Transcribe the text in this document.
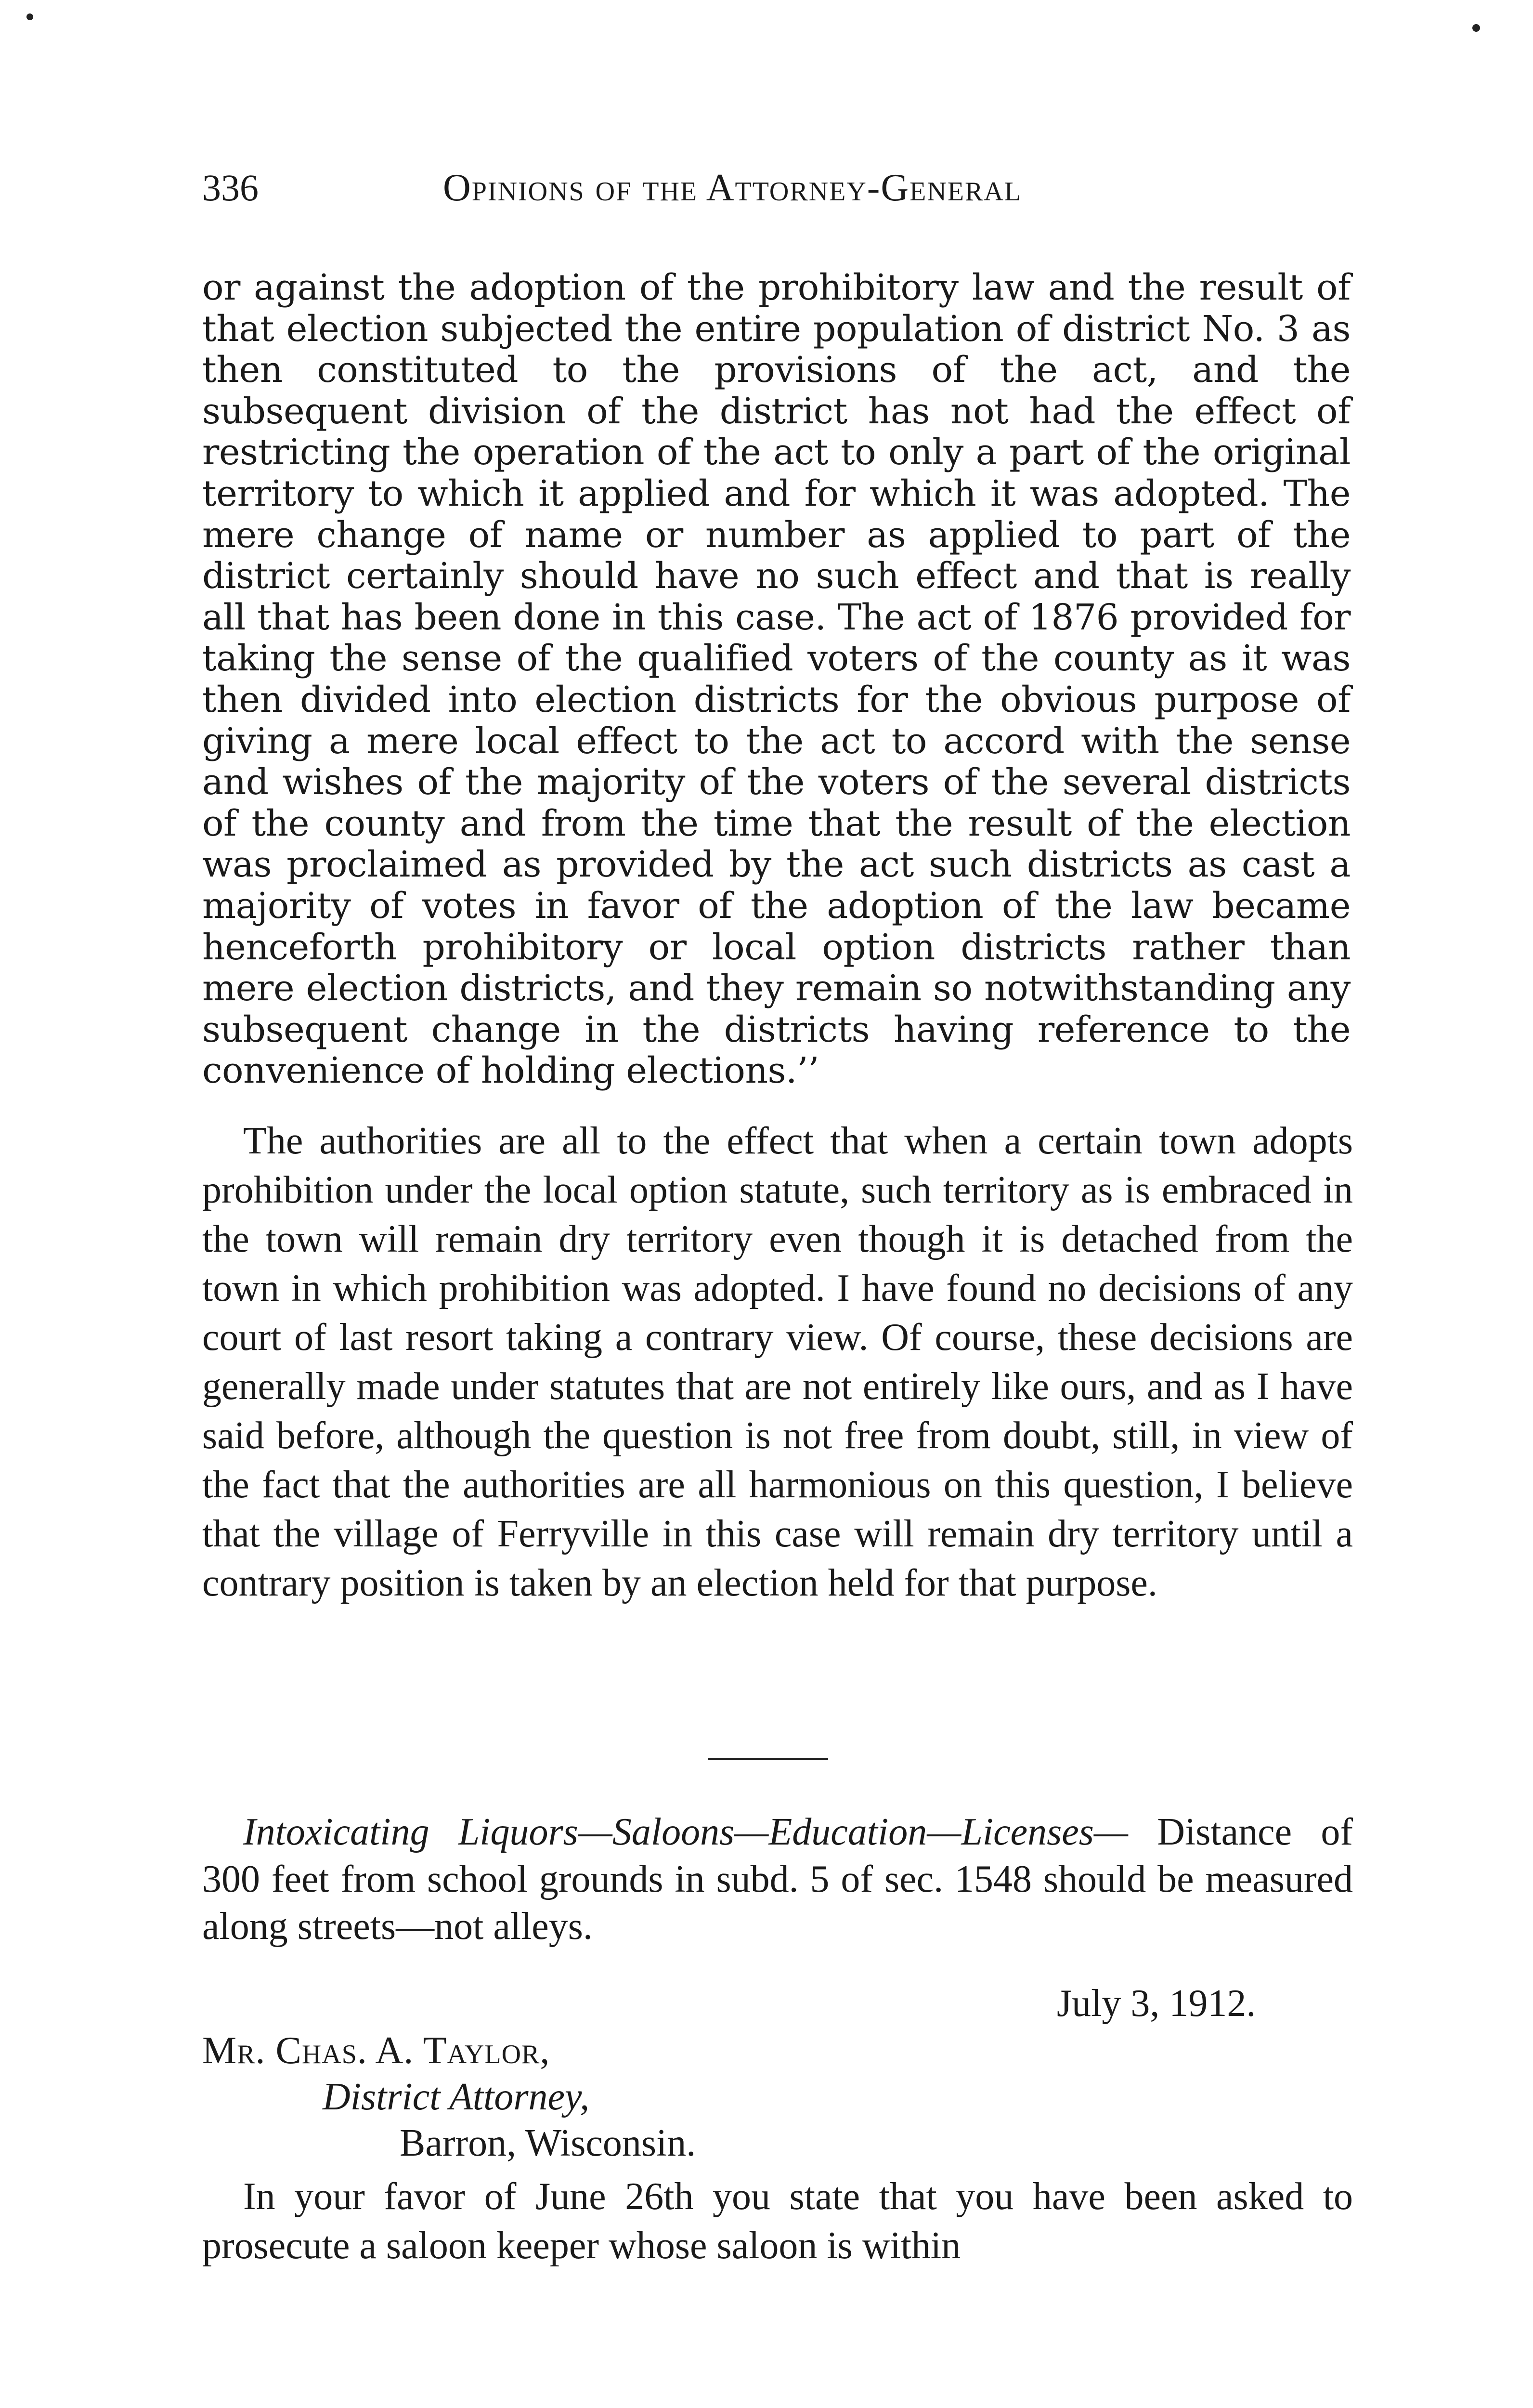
336	Opinions of the Attorney-General
or against the adoption of the prohibitory law and the result of that election subjected the entire population of district No. 3 as then constituted to the provisions of the act, and the subsequent division of the district has not had the effect of restricting the operation of the act to only a part of the original territory to which it applied and for which it was adopted. The mere change of name or number as applied to part of the district certainly should have no such effect and that is really all that has been done in this case. The act of 1876 provided for taking the sense of the qualified voters of the county as it was then divided into election districts for the obvious purpose of giving a mere local effect to the act to accord with the sense and wishes of the majority of the voters of the several districts of the county and from the time that the result of the election was proclaimed as provided by the act such districts as cast a majority of votes in favor of the adoption of the law became henceforth prohibitory or local option districts rather than mere election districts, and they remain so notwithstanding any subsequent change in the districts having reference to the convenience of holding elections.’’
The authorities are all to the effect that when a certain town adopts prohibition under the local option statute, such territory as is embraced in the town will remain dry territory even though it is detached from the town in which prohibition was adopted. I have found no decisions of any court of last resort taking a contrary view. Of course, these decisions are generally made under statutes that are not entirely like ours, and as I have said before, although the question is not free from doubt, still, in view of the fact that the authorities are all harmonious on this question, I believe that the village of Ferryville in this case will remain dry territory until a contrary position is taken by an election held for that purpose.
Intoxicating Liquors—Saloons—Education—Licenses— Distance of 300 feet from school grounds in subd. 5 of sec. 1548 should be measured along streets—not alleys.
July 3, 1912.
Mr. Chas. A. Taylor,
District Attorney,
Barron, Wisconsin.
In your favor of June 26th you state that you have been asked to prosecute a saloon keeper whose saloon is within
